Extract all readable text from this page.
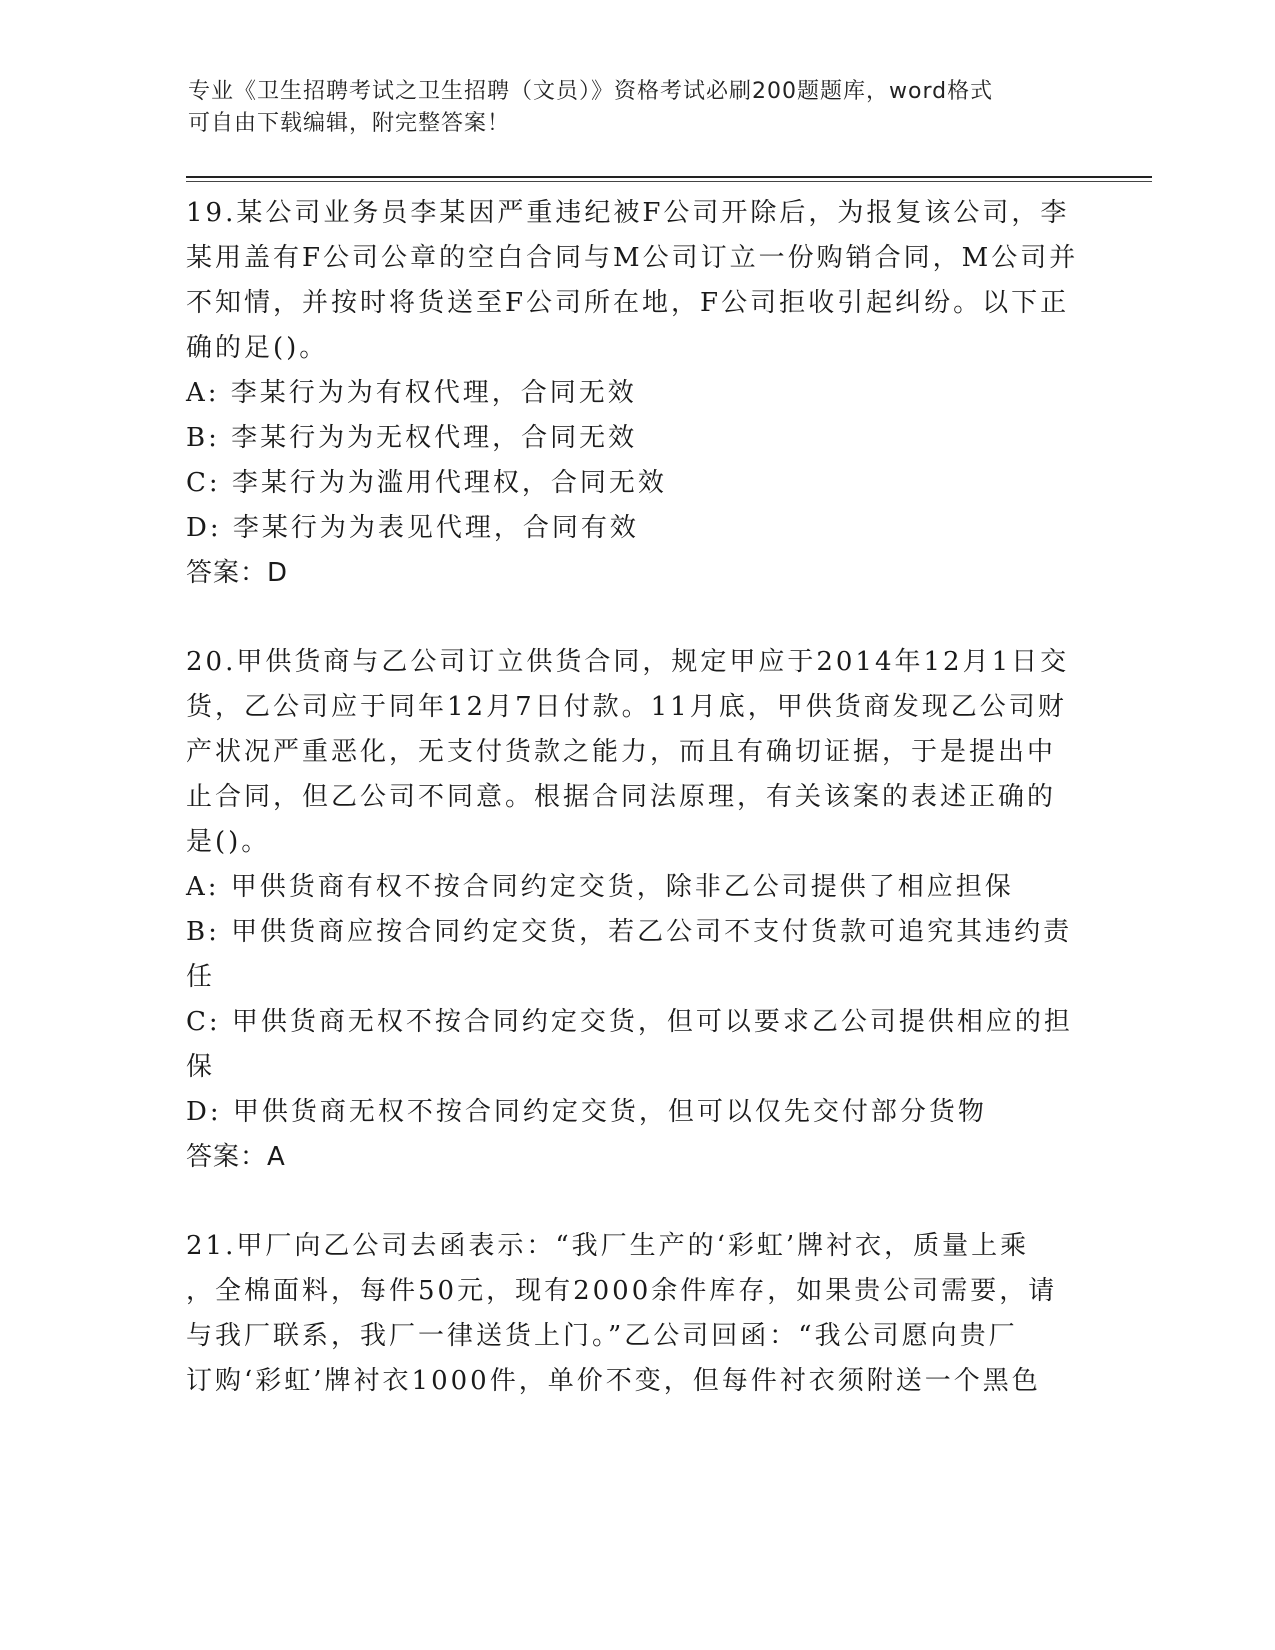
专业《卫生招聘考试之卫生招聘（文员）》资格考试必刷200题题库，word格式
可自由下载编辑，附完整答案！

19.某公司业务员李某因严重违纪被F公司开除后，为报复该公司，李

某用盖有F公司公章的空白合同与M公司订立一份购销合同，M公司并

不知情，并按时将货送至F公司所在地，F公司拒收引起纠纷。以下正

确的足()。

A: 李某行为为有权代理，合同无效

B: 李某行为为无权代理，合同无效

C: 李某行为为滥用代理权，合同无效

D: 李某行为为表见代理，合同有效

答案：D

20.甲供货商与乙公司订立供货合同，规定甲应于2014年12月1日交

货，乙公司应于同年12月7日付款。11月底，甲供货商发现乙公司财

产状况严重恶化，无支付货款之能力，而且有确切证据，于是提出中

止合同，但乙公司不同意。根据合同法原理，有关该案的表述正确的

是()。

A: 甲供货商有权不按合同约定交货，除非乙公司提供了相应担保

B: 甲供货商应按合同约定交货，若乙公司不支付货款可追究其违约责

任

C: 甲供货商无权不按合同约定交货，但可以要求乙公司提供相应的担

保

D: 甲供货商无权不按合同约定交货，但可以仅先交付部分货物

答案：A

21.甲厂向乙公司去函表示：“我厂生产的‘彩虹’牌衬衣，质量上乘

，全棉面料，每件50元，现有2000余件库存，如果贵公司需要，请

与我厂联系，我厂一律送货上门。”乙公司回函：“我公司愿向贵厂

订购‘彩虹’牌衬衣1000件，单价不变，但每件衬衣须附送一个黑色
